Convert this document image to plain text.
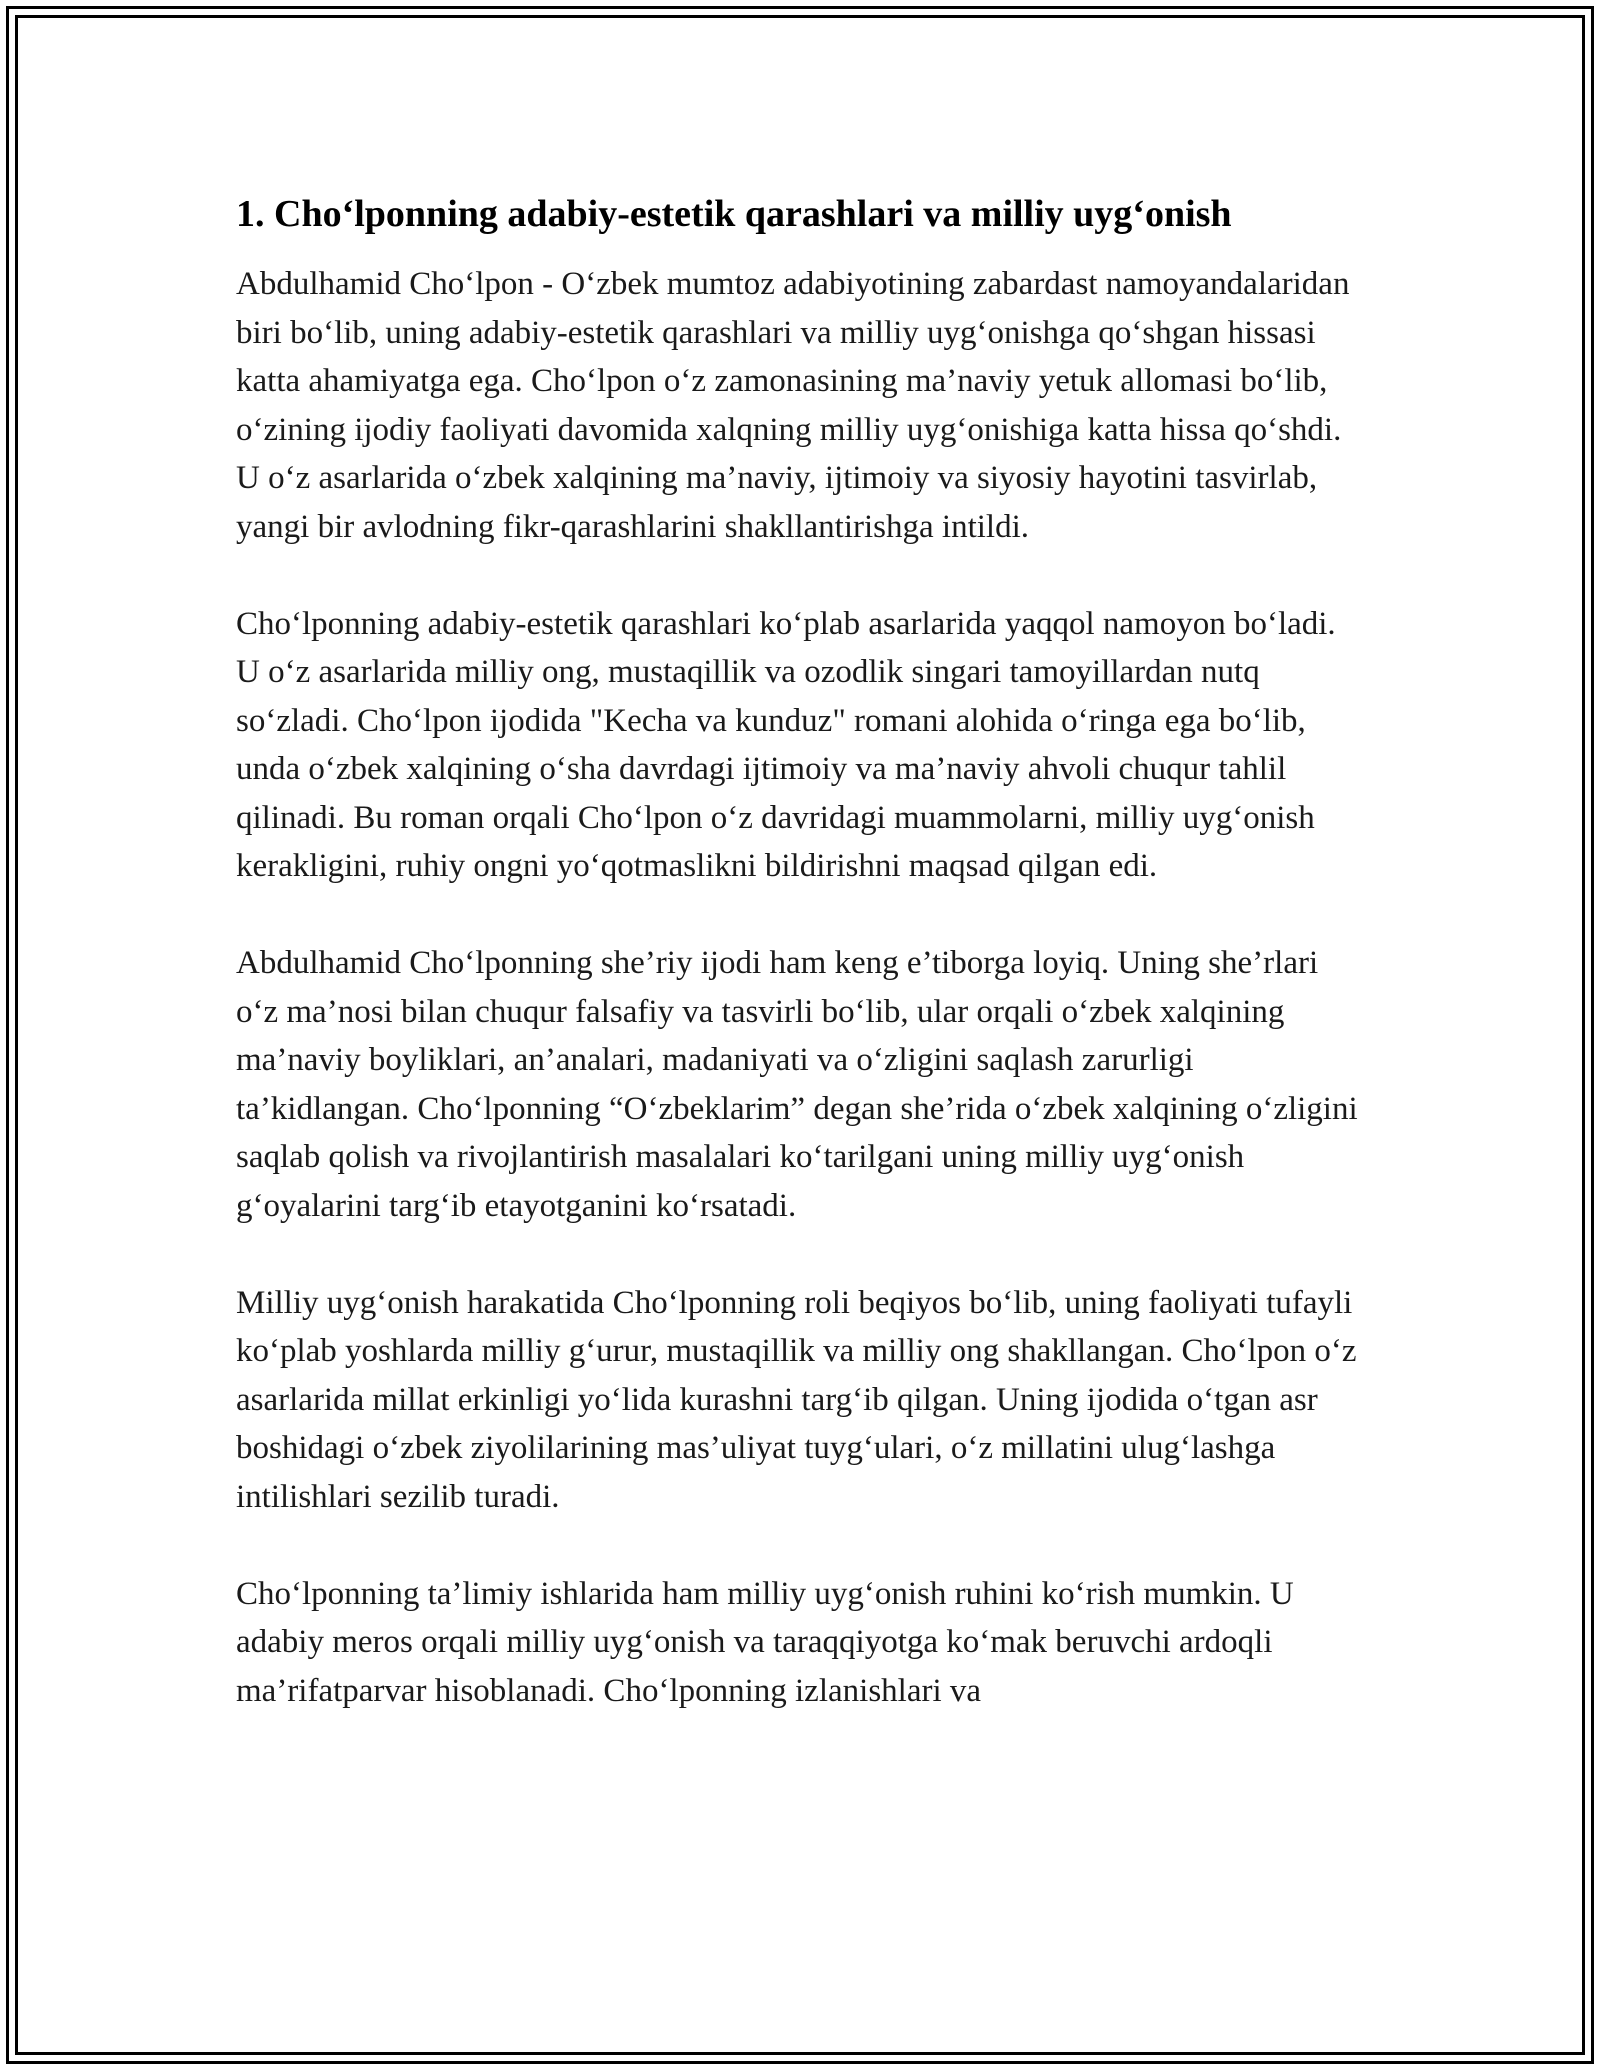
1. Cho‘lponning adabiy-estetik qarashlari va milliy uyg‘onish

Abdulhamid Cho‘lpon - O‘zbek mumtoz adabiyotining zabardast namoyandalaridan biri bo‘lib, uning adabiy-estetik qarashlari va milliy uyg‘onishga qo‘shgan hissasi katta ahamiyatga ega. Cho‘lpon o‘z zamonasining ma’naviy yetuk allomasi bo‘lib, o‘zining ijodiy faoliyati davomida xalqning milliy uyg‘onishiga katta hissa qo‘shdi. U o‘z asarlarida o‘zbek xalqining ma’naviy, ijtimoiy va siyosiy hayotini tasvirlab, yangi bir avlodning fikr-qarashlarini shakllantirishga intildi.

Cho‘lponning adabiy-estetik qarashlari ko‘plab asarlarida yaqqol namoyon bo‘ladi. U o‘z asarlarida milliy ong, mustaqillik va ozodlik singari tamoyillardan nutq so‘zladi. Cho‘lpon ijodida "Kecha va kunduz" romani alohida o‘ringa ega bo‘lib, unda o‘zbek xalqining o‘sha davrdagi ijtimoiy va ma’naviy ahvoli chuqur tahlil qilinadi. Bu roman orqali Cho‘lpon o‘z davridagi muammolarni, milliy uyg‘onish kerakligini, ruhiy ongni yo‘qotmaslikni bildirishni maqsad qilgan edi.

Abdulhamid Cho‘lponning she’riy ijodi ham keng e’tiborga loyiq. Uning she’rlari o‘z ma’nosi bilan chuqur falsafiy va tasvirli bo‘lib, ular orqali o‘zbek xalqining ma’naviy boyliklari, an’analari, madaniyati va o‘zligini saqlash zarurligi ta’kidlangan. Cho‘lponning “O‘zbeklarim” degan she’rida o‘zbek xalqining o‘zligini saqlab qolish va rivojlantirish masalalari ko‘tarilgani uning milliy uyg‘onish g‘oyalarini targ‘ib etayotganini ko‘rsatadi.

Milliy uyg‘onish harakatida Cho‘lponning roli beqiyos bo‘lib, uning faoliyati tufayli ko‘plab yoshlarda milliy g‘urur, mustaqillik va milliy ong shakllangan. Cho‘lpon o‘z asarlarida millat erkinligi yo‘lida kurashni targ‘ib qilgan. Uning ijodida o‘tgan asr boshidagi o‘zbek ziyolilarining mas’uliyat tuyg‘ulari, o‘z millatini ulug‘lashga intilishlari sezilib turadi.

Cho‘lponning ta’limiy ishlarida ham milliy uyg‘onish ruhini ko‘rish mumkin. U adabiy meros orqali milliy uyg‘onish va taraqqiyotga ko‘mak beruvchi ardoqli ma’rifatparvar hisoblanadi. Cho‘lponning izlanishlari va
